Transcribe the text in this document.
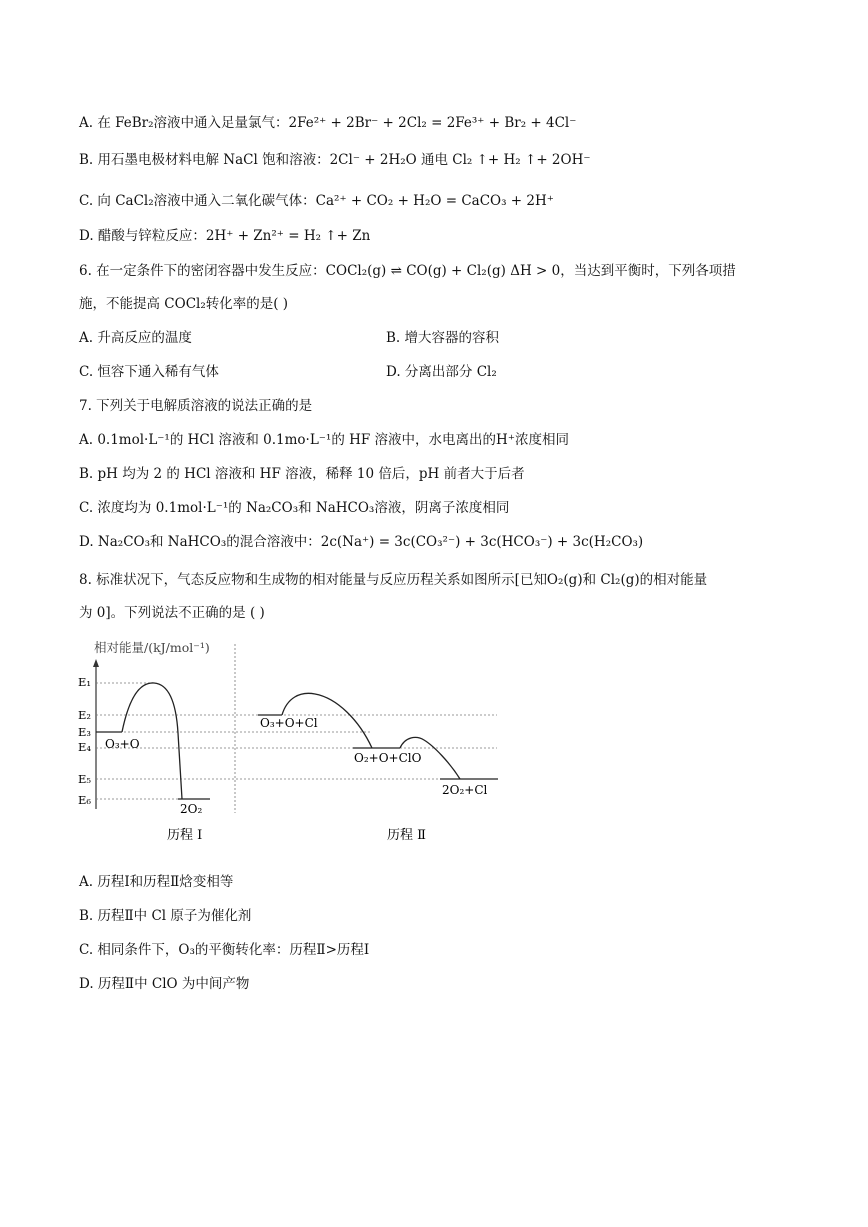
A. 在 FeBr₂溶液中通入足量氯气：2Fe²⁺ + 2Br⁻ + 2Cl₂ = 2Fe³⁺ + Br₂ + 4Cl⁻
B. 用石墨电极材料电解 NaCl 饱和溶液：2Cl⁻ + 2H₂O 通电 Cl₂ ↑+ H₂ ↑+ 2OH⁻
C. 向 CaCl₂溶液中通入二氧化碳气体：Ca²⁺ + CO₂ + H₂O = CaCO₃ + 2H⁺
D. 醋酸与锌粒反应：2H⁺ + Zn²⁺ = H₂ ↑+ Zn
6. 在一定条件下的密闭容器中发生反应：COCl₂(g) ⇌ CO(g) + Cl₂(g) ΔH > 0，当达到平衡时，下列各项措
施，不能提高 COCl₂转化率的是( )
A. 升高反应的温度	B. 增大容器的容积
C. 恒容下通入稀有气体	D. 分离出部分 Cl₂
7. 下列关于电解质溶液的说法正确的是
A. 0.1mol·L⁻¹的 HCl 溶液和 0.1mo·L⁻¹的 HF 溶液中，水电离出的H⁺浓度相同
B. pH 均为 2 的 HCl 溶液和 HF 溶液，稀释 10 倍后，pH 前者大于后者
C. 浓度均为 0.1mol·L⁻¹的 Na₂CO₃和 NaHCO₃溶液，阴离子浓度相同
D. Na₂CO₃和 NaHCO₃的混合溶液中：2c(Na⁺) = 3c(CO₃²⁻) + 3c(HCO₃⁻) + 3c(H₂CO₃)
8. 标准状况下，气态反应物和生成物的相对能量与反应历程关系如图所示[已知O₂(g)和 Cl₂(g)的相对能量
为 0]。下列说法不正确的是 ( )
相对能量/(kJ/mol⁻¹)
E₁
E₂
E₃
E₄
E₅
E₆
O₃+O
2O₂
O₃+O+Cl
O₂+O+ClO
2O₂+Cl
历程 Ⅰ	历程 Ⅱ
A. 历程Ⅰ和历程Ⅱ焓变相等
B. 历程Ⅱ中 Cl 原子为催化剂
C. 相同条件下，O₃的平衡转化率：历程Ⅱ>历程Ⅰ
D. 历程Ⅱ中 ClO 为中间产物
